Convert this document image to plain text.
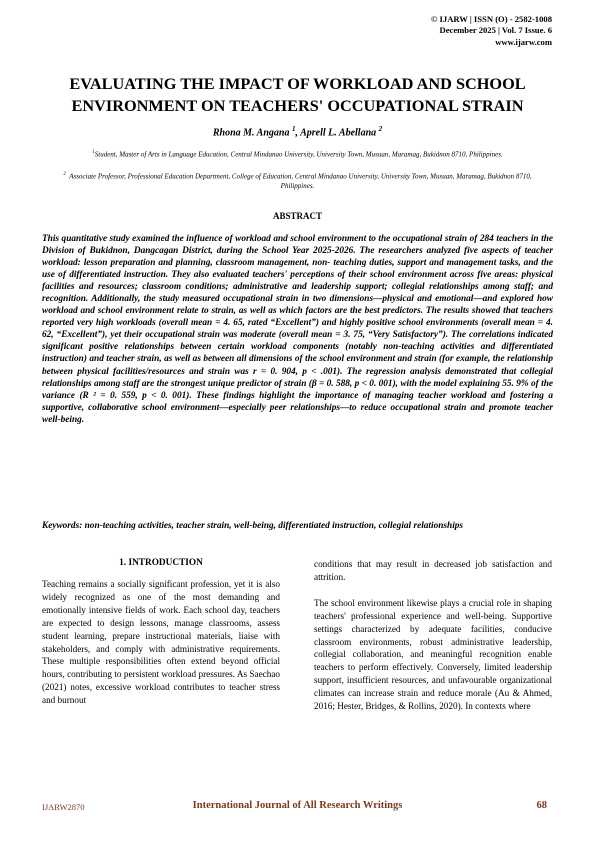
© IJARW | ISSN (O) - 2582-1008
December 2025 | Vol. 7 Issue. 6
www.ijarw.com
EVALUATING THE IMPACT OF WORKLOAD AND SCHOOL
ENVIRONMENT ON TEACHERS' OCCUPATIONAL STRAIN
Rhona M. Angana $^1$, Aprell L. Abellana $^2$
$^1$Student, Master of Arts in Language Education, Central Mindanao University, University Town, Musuan, Maramag, Bukidnon 8710, Philippines.
$^2$ Associate Professor, Professional Education Department, College of Education, Central Mindanao University, University Town, Musuan, Maramag, Bukidnon 8710, Philippines.
ABSTRACT
This quantitative study examined the influence of workload and school environment to the occupational strain of 284 teachers in the Division of Bukidnon, Dangcagan District, during the School Year 2025-2026. The researchers analyzed five aspects of teacher workload: lesson preparation and planning, classroom management, non- teaching duties, support and management tasks, and the use of differentiated instruction. They also evaluated teachers' perceptions of their school environment across five areas: physical facilities and resources; classroom conditions; administrative and leadership support; collegial relationships among staff; and recognition. Additionally, the study measured occupational strain in two dimensions—physical and emotional—and explored how workload and school environment relate to strain, as well as which factors are the best predictors. The results showed that teachers reported very high workloads (overall mean = 4. 65, rated “Excellent”) and highly positive school environments (overall mean = 4. 62, “Excellent”), yet their occupational strain was moderate (overall mean = 3. 75, “Very Satisfactory”). The correlations indicated significant positive relationships between certain workload components (notably non-teaching activities and differentiated instruction) and teacher strain, as well as between all dimensions of the school environment and strain (for example, the relationship between physical facilities/resources and strain was r = 0. 904, p < .001). The regression analysis demonstrated that collegial relationships among staff are the strongest unique predictor of strain (β = 0. 588, p < 0. 001), with the model explaining 55. 9% of the variance (R ² = 0. 559, p < 0. 001). These findings highlight the importance of managing teacher workload and fostering a supportive, collaborative school environment—especially peer relationships—to reduce occupational strain and promote teacher well-being.
Keywords: non-teaching activities, teacher strain, well-being, differentiated instruction, collegial relationships
1. INTRODUCTION

Teaching remains a socially significant profession, yet it is also widely recognized as one of the most demanding and emotionally intensive fields of work. Each school day, teachers are expected to design lessons, manage classrooms, assess student learning, prepare instructional materials, liaise with stakeholders, and comply with administrative requirements. These multiple responsibilities often extend beyond official hours, contributing to persistent workload pressures. As Saechao (2021) notes, excessive workload contributes to teacher stress and burnout

conditions that may result in decreased job satisfaction and attrition.

The school environment likewise plays a crucial role in shaping teachers' professional experience and well-being. Supportive settings characterized by adequate facilities, conducive classroom environments, robust administrative leadership, collegial collaboration, and meaningful recognition enable teachers to perform effectively. Conversely, limited leadership support, insufficient resources, and unfavourable organizational climates can increase strain and reduce morale (Au & Ahmed, 2016; Hester, Bridges, & Rollins, 2020). In contexts where

IJARW2870	International Journal of All Research Writings	68
